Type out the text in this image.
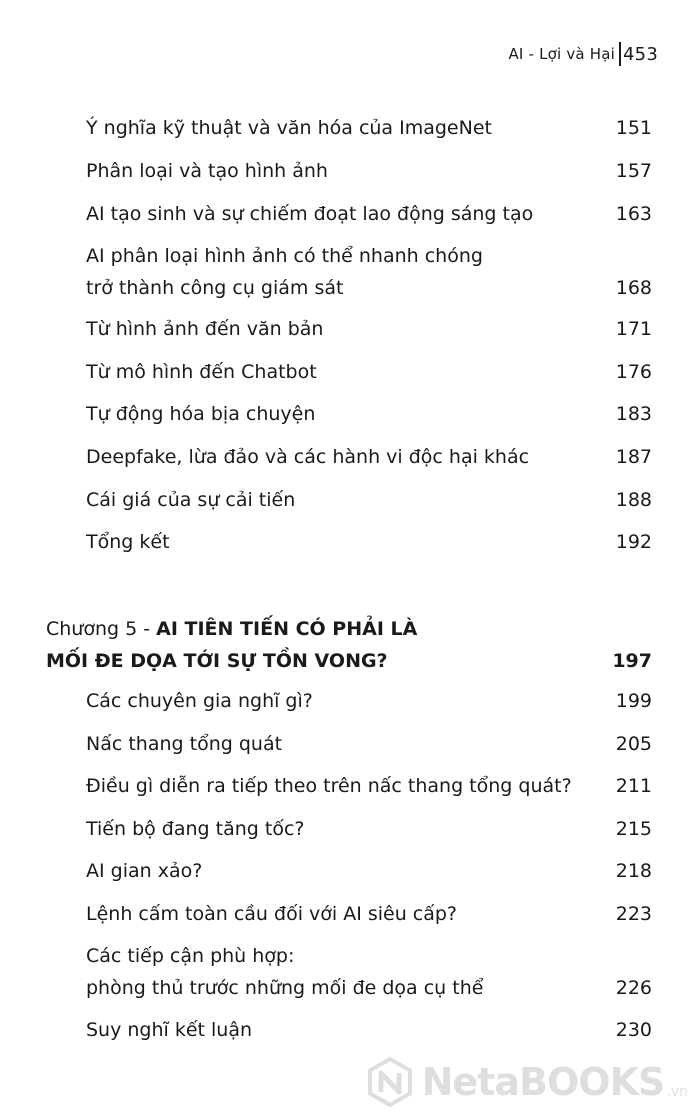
AI - Lợi và Hại 453
Ý nghĩa kỹ thuật và văn hóa của ImageNet	151
Phân loại và tạo hình ảnh	157
AI tạo sinh và sự chiếm đoạt lao động sáng tạo	163
AI phân loại hình ảnh có thể nhanh chóng
trở thành công cụ giám sát	168
Từ hình ảnh đến văn bản	171
Từ mô hình đến Chatbot	176
Tự động hóa bịa chuyện	183
Deepfake, lừa đảo và các hành vi độc hại khác	187
Cái giá của sự cải tiến	188
Tổng kết	192
Chương 5 - AI TIÊN TIẾN CÓ PHẢI LÀ
MỐI ĐE DỌA TỚI SỰ TỒN VONG?	197
Các chuyên gia nghĩ gì?	199
Nấc thang tổng quát	205
Điều gì diễn ra tiếp theo trên nấc thang tổng quát?	211
Tiến bộ đang tăng tốc?	215
AI gian xảo?	218
Lệnh cấm toàn cầu đối với AI siêu cấp?	223
Các tiếp cận phù hợp:
phòng thủ trước những mối đe dọa cụ thể	226
Suy nghĩ kết luận	230
NetaBOOKS .vn
